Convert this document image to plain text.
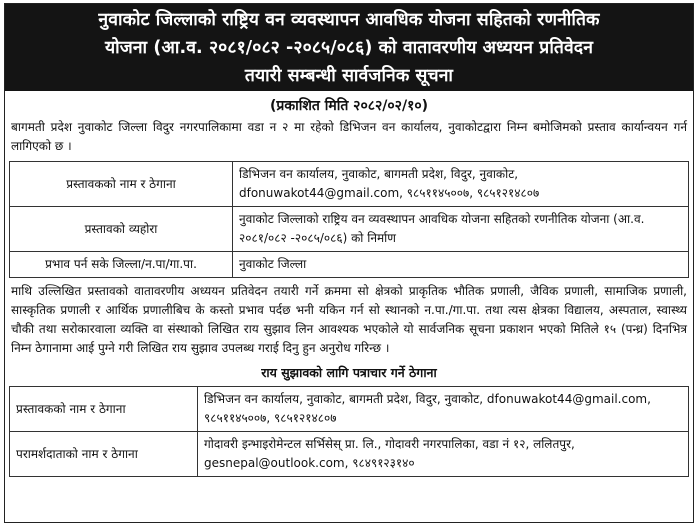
नुवाकोट जिल्लाको राष्ट्रिय वन व्यवस्थापन आवधिक योजना सहितको रणनीतिक
योजना (आ.व. २०८१/०८२ -२०८५/०८६) को वातावरणीय अध्ययन प्रतिवेदन
तयारी सम्बन्धी सार्वजनिक सूचना
(प्रकाशित मिति २०८२/०२/१०)
बागमती प्रदेश नुवाकोट जिल्ला विदुर नगरपालिकामा वडा न २ मा रहेको डिभिजन वन कार्यालय, नुवाकोटद्वारा निम्न बमोजिमको प्रस्ताव कार्यान्वयन गर्न लागिएको छ ।
प्रस्तावकको नाम र ठेगाना	डिभिजन वन कार्यालय, नुवाकोट, बागमती प्रदेश, विदुर, नुवाकोट, dfonuwakot44@gmail.com, ९८५११४५००७, ९८५१२१४८०७
प्रस्तावको व्यहोरा	नुवाकोट जिल्लाको राष्ट्रिय वन व्यवस्थापन आवधिक योजना सहितको रणनीतिक योजना (आ.व. २०८१/०८२ -२०८५/०८६) को निर्माण
प्रभाव पर्न सके जिल्ला/न.पा/गा.पा.	नुवाकोट जिल्ला
माथि उल्लिखित प्रस्तावको वातावरणीय अध्ययन प्रतिवेदन तयारी गर्ने क्रममा सो क्षेत्रको प्राकृतिक भौतिक प्रणाली, जैविक प्रणाली, सामाजिक प्रणाली, सास्कृतिक प्रणाली र आर्थिक प्रणालीबिच के कस्तो प्रभाव पर्दछ भनी यकिन गर्न सो स्थानको न.पा./गा.पा. तथा त्यस क्षेत्रका विद्यालय, अस्पताल, स्वास्थ्य चौकी तथा सरोकारवाला व्यक्ति वा संस्थाको लिखित राय सुझाव लिन आवश्यक भएकोले यो सार्वजनिक सूचना प्रकाशन भएको मितिले १५ (पन्ध्र) दिनभित्र निम्न ठेगानामा आई पुग्ने गरी लिखित राय सुझाव उपलब्ध गराई दिनु हुन अनुरोध गरिन्छ ।
राय सुझावको लागि पत्राचार गर्ने ठेगाना
प्रस्तावकको नाम र ठेगाना	डिभिजन वन कार्यालय, नुवाकोट, बागमती प्रदेश, विदुर, नुवाकोट, dfonuwakot44@gmail.com, ९८५११४५००७, ९८५१२१४८०७
परामर्शदाताको नाम र ठेगाना	गोदावरी इन्भाइरोमेन्टल सर्भिसेस् प्रा. लि., गोदावरी नगरपालिका, वडा नं १२, ललितपुर, gesnepal@outlook.com, ९८४९१२३१४०
